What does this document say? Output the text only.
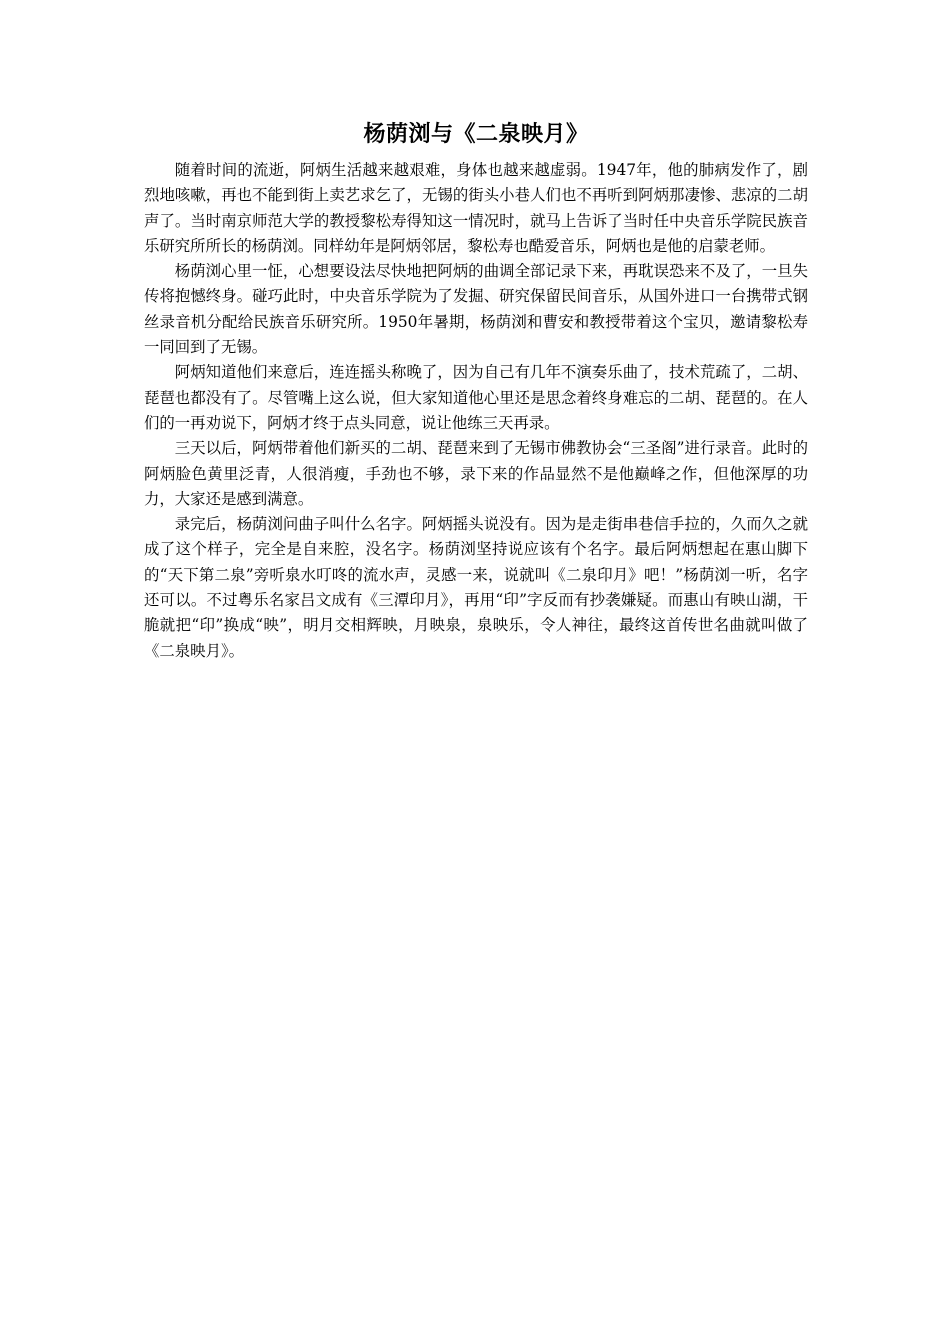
杨荫浏与《二泉映月》

随着时间的流逝，阿炳生活越来越艰难，身体也越来越虚弱。1947年，他的肺病发作了，剧烈地咳嗽，再也不能到街上卖艺求乞了，无锡的街头小巷人们也不再听到阿炳那凄惨、悲凉的二胡声了。当时南京师范大学的教授黎松寿得知这一情况时，就马上告诉了当时任中央音乐学院民族音乐研究所所长的杨荫浏。同样幼年是阿炳邻居，黎松寿也酷爱音乐，阿炳也是他的启蒙老师。

杨荫浏心里一怔，心想要设法尽快地把阿炳的曲调全部记录下来，再耽误恐来不及了，一旦失传将抱憾终身。碰巧此时，中央音乐学院为了发掘、研究保留民间音乐，从国外进口一台携带式钢丝录音机分配给民族音乐研究所。1950年暑期，杨荫浏和曹安和教授带着这个宝贝，邀请黎松寿一同回到了无锡。

阿炳知道他们来意后，连连摇头称晚了，因为自己有几年不演奏乐曲了，技术荒疏了，二胡、琵琶也都没有了。尽管嘴上这么说，但大家知道他心里还是思念着终身难忘的二胡、琵琶的。在人们的一再劝说下，阿炳才终于点头同意，说让他练三天再录。

三天以后，阿炳带着他们新买的二胡、琵琶来到了无锡市佛教协会“三圣阁”进行录音。此时的阿炳脸色黄里泛青，人很消瘦，手劲也不够，录下来的作品显然不是他巅峰之作，但他深厚的功力，大家还是感到满意。

录完后，杨荫浏问曲子叫什么名字。阿炳摇头说没有。因为是走街串巷信手拉的，久而久之就成了这个样子，完全是自来腔，没名字。杨荫浏坚持说应该有个名字。最后阿炳想起在惠山脚下的“天下第二泉”旁听泉水叮咚的流水声，灵感一来，说就叫《二泉印月》吧！”杨荫浏一听，名字还可以。不过粤乐名家吕文成有《三潭印月》，再用“印”字反而有抄袭嫌疑。而惠山有映山湖，干脆就把“印”换成“映”，明月交相辉映，月映泉，泉映乐，令人神往，最终这首传世名曲就叫做了《二泉映月》。
